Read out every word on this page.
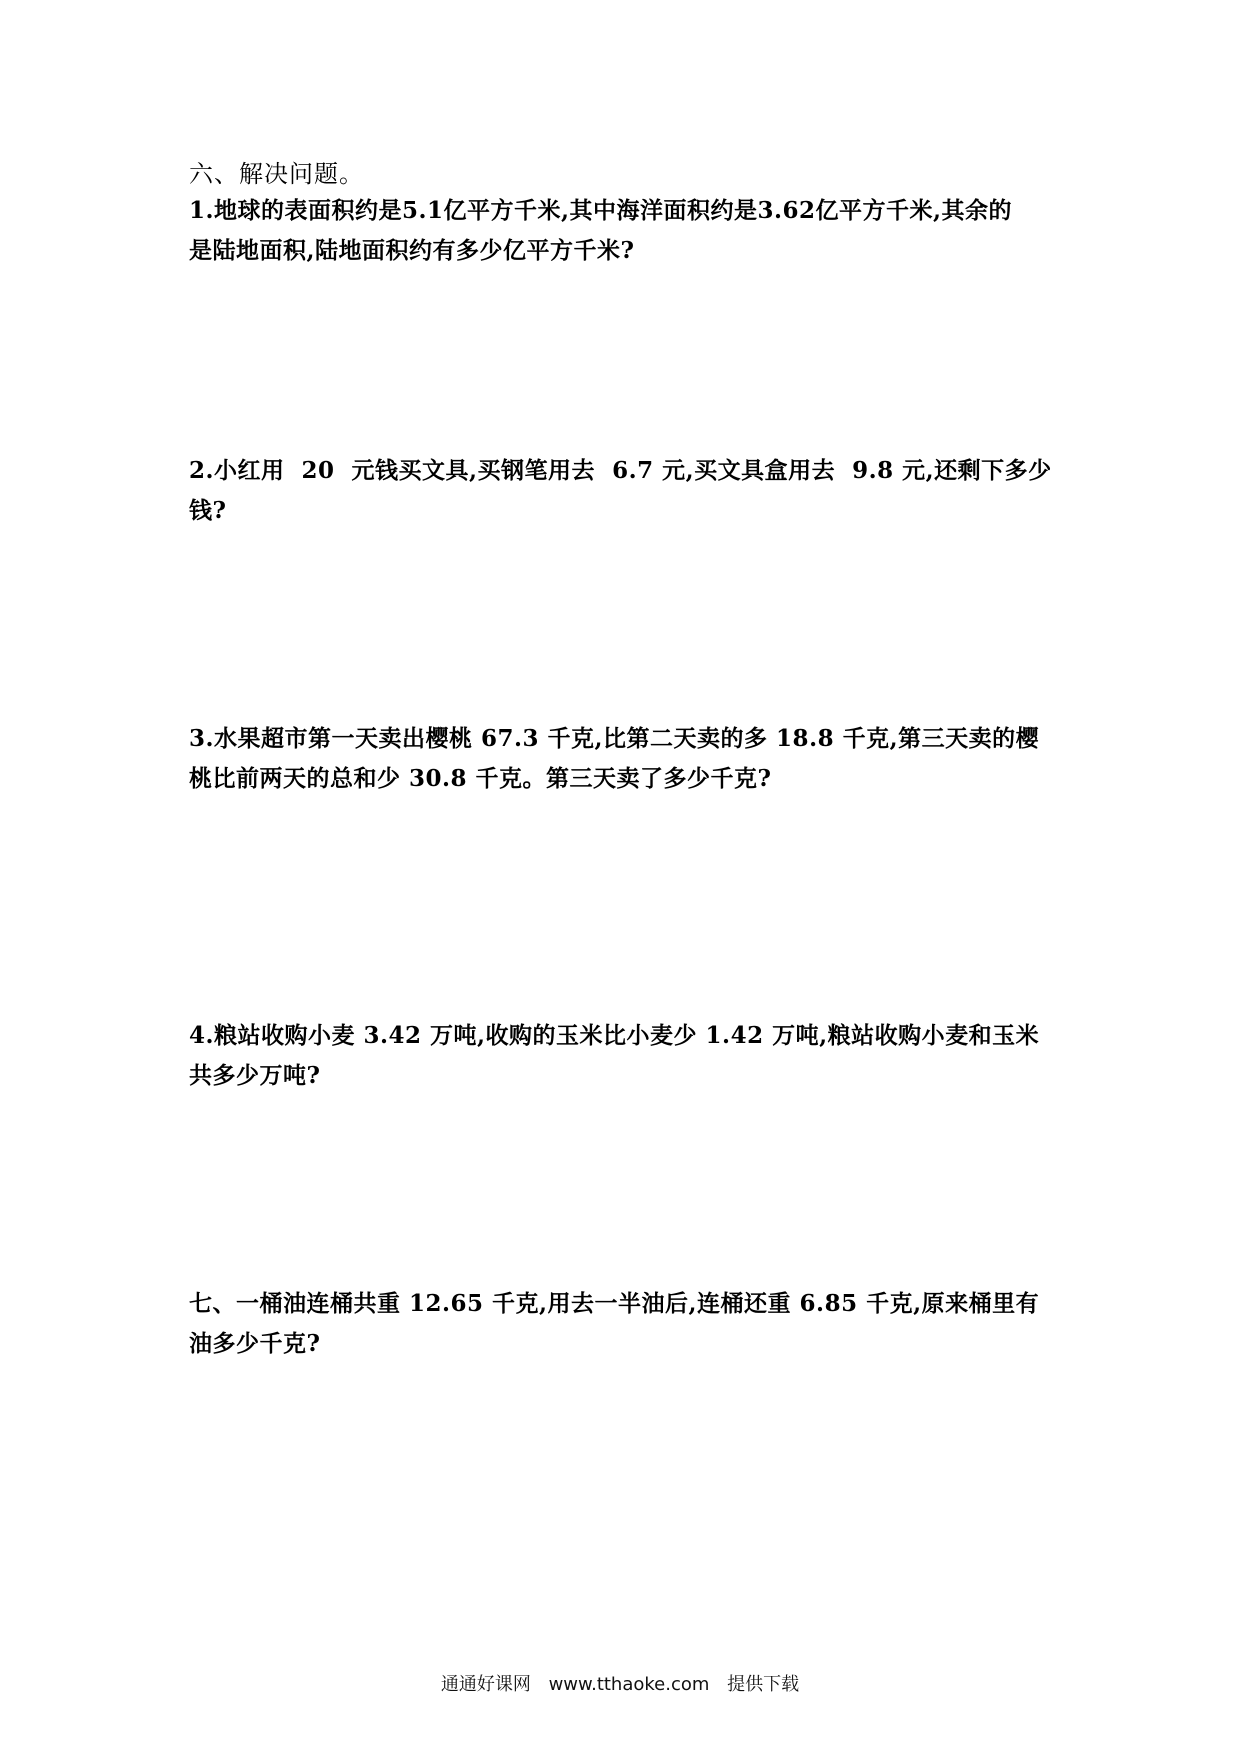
六、解决问题。
1.地球的表面积约是5.1亿平方千米,其中海洋面积约是3.62亿平方千米,其余的
是陆地面积,陆地面积约有多少亿平方千米?
2.小红用  20  元钱买文具,买钢笔用去  6.7 元,买文具盒用去  9.8 元,还剩下多少
钱?
3.水果超市第一天卖出樱桃 67.3 千克,比第二天卖的多 18.8 千克,第三天卖的樱
桃比前两天的总和少 30.8 千克。第三天卖了多少千克?
4.粮站收购小麦 3.42 万吨,收购的玉米比小麦少 1.42 万吨,粮站收购小麦和玉米
共多少万吨?
七、一桶油连桶共重 12.65 千克,用去一半油后,连桶还重 6.85 千克,原来桶里有
油多少千克?
通通好课网 www.tthaoke.com 提供下载
